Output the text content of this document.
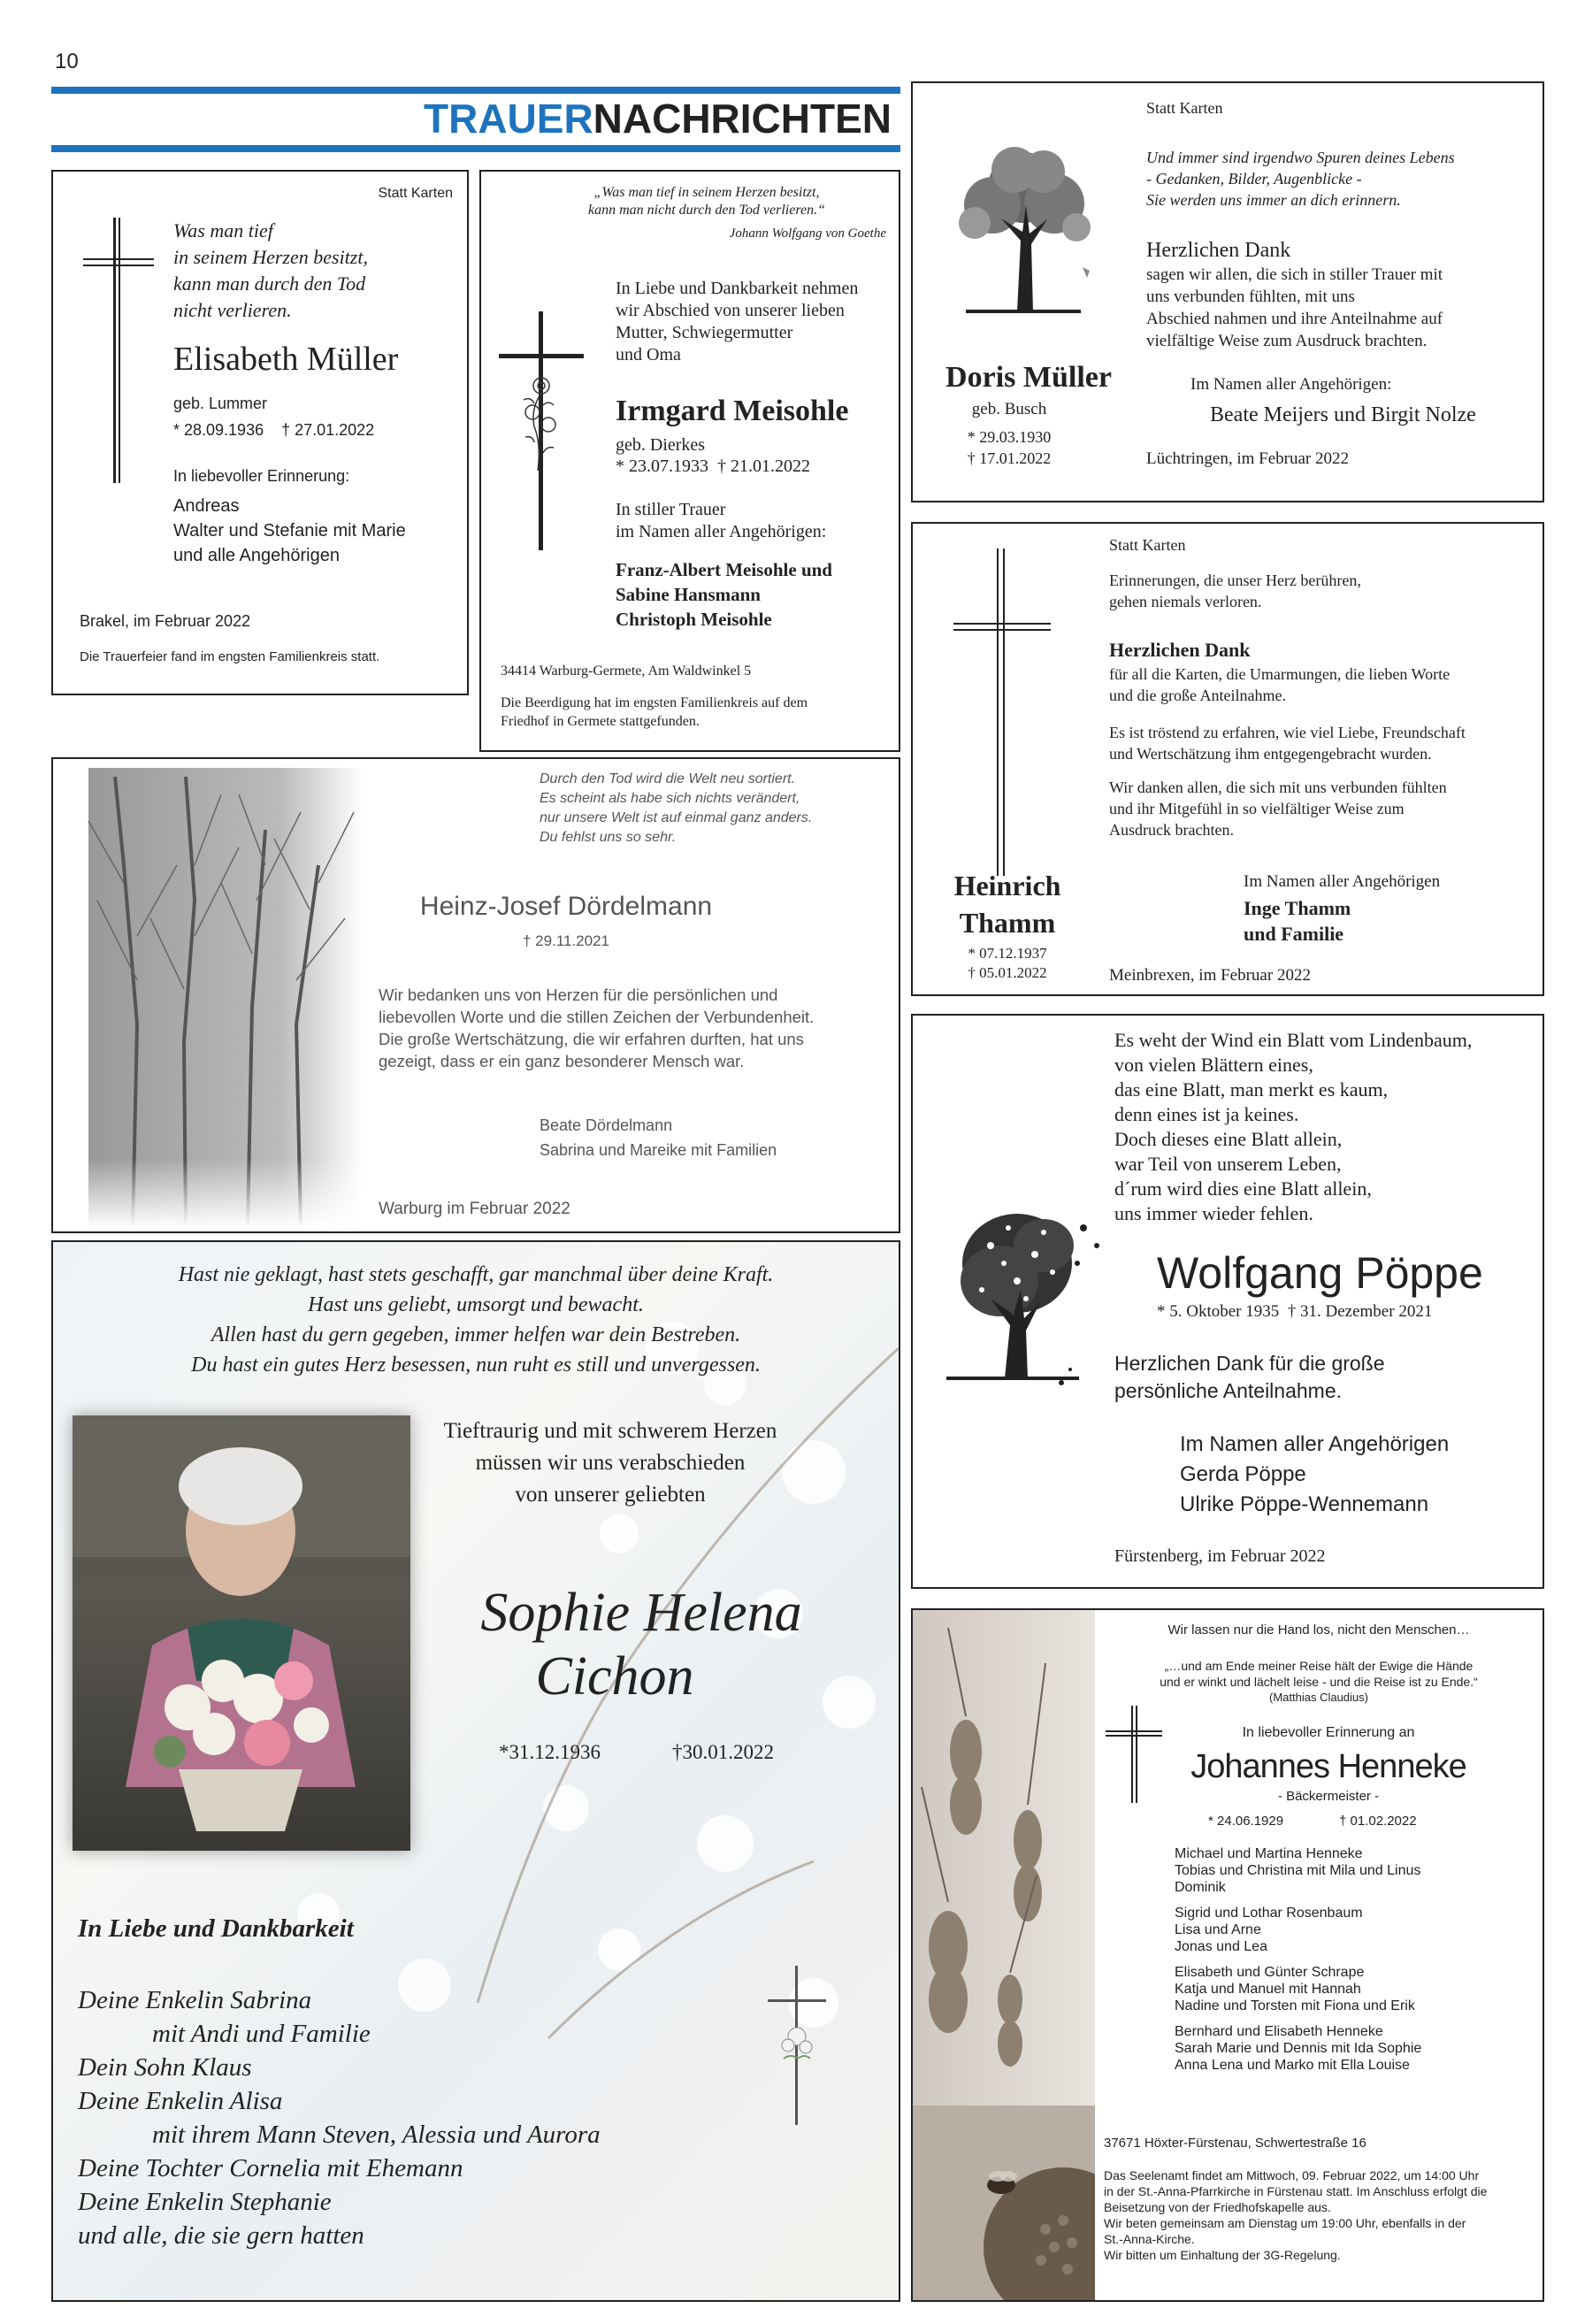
10
TRAUERNACHRICHTEN
Statt Karten
Was man tief
in seinem Herzen besitzt,
kann man durch den Tod
nicht verlieren.
Elisabeth Müller
geb. Lummer
* 28.09.1936    † 27.01.2022
In liebevoller Erinnerung:
Andreas
Walter und Stefanie mit Marie
und alle Angehörigen
Brakel, im Februar 2022
Die Trauerfeier fand im engsten Familienkreis statt.
„Was man tief in seinem Herzen besitzt,
kann man nicht durch den Tod verlieren.“
Johann Wolfgang von Goethe
In Liebe und Dankbarkeit nehmen
wir Abschied von unserer lieben
Mutter, Schwiegermutter
und Oma
Irmgard Meisohle
geb. Dierkes
* 23.07.1933  † 21.01.2022
In stiller Trauer
im Namen aller Angehörigen:
Franz-Albert Meisohle und
Sabine Hansmann
Christoph Meisohle
34414 Warburg-Germete, Am Waldwinkel 5
Die Beerdigung hat im engsten Familienkreis auf dem
Friedhof in Germete stattgefunden.
Statt Karten
Und immer sind irgendwo Spuren deines Lebens
- Gedanken, Bilder, Augenblicke -
Sie werden uns immer an dich erinnern.
Herzlichen Dank
sagen wir allen, die sich in stiller Trauer mit
uns verbunden fühlten, mit uns
Abschied nahmen und ihre Anteilnahme auf
vielfältige Weise zum Ausdruck brachten.
Doris Müller
geb. Busch
* 29.03.1930
† 17.01.2022
Im Namen aller Angehörigen:
Beate Meijers und Birgit Nolze
Lüchtringen, im Februar 2022
Statt Karten
Erinnerungen, die unser Herz berühren,
gehen niemals verloren.
Herzlichen Dank
für all die Karten, die Umarmungen, die lieben Worte
und die große Anteilnahme.
Es ist tröstend zu erfahren, wie viel Liebe, Freundschaft
und Wertschätzung ihm entgegengebracht wurden.
Wir danken allen, die sich mit uns verbunden fühlten
und ihr Mitgefühl in so vielfältiger Weise zum
Ausdruck brachten.
Heinrich
Thamm
* 07.12.1937
† 05.01.2022
Im Namen aller Angehörigen
Inge Thamm
und Familie
Meinbrexen, im Februar 2022
Durch den Tod wird die Welt neu sortiert.
Es scheint als habe sich nichts verändert,
nur unsere Welt ist auf einmal ganz anders.
Du fehlst uns so sehr.
Heinz-Josef Dördelmann
† 29.11.2021
Wir bedanken uns von Herzen für die persönlichen und
liebevollen Worte und die stillen Zeichen der Verbundenheit.
Die große Wertschätzung, die wir erfahren durften, hat uns
gezeigt, dass er ein ganz besonderer Mensch war.
Beate Dördelmann
Sabrina und Mareike mit Familien
Warburg im Februar 2022
Es weht der Wind ein Blatt vom Lindenbaum,
von vielen Blättern eines,
das eine Blatt, man merkt es kaum,
denn eines ist ja keines.
Doch dieses eine Blatt allein,
war Teil von unserem Leben,
d´rum wird dies eine Blatt allein,
uns immer wieder fehlen.
Wolfgang Pöppe
* 5. Oktober 1935  † 31. Dezember 2021
Herzlichen Dank für die große
persönliche Anteilnahme.
Im Namen aller Angehörigen
Gerda Pöppe
Ulrike Pöppe-Wennemann
Fürstenberg, im Februar 2022
Hast nie geklagt, hast stets geschafft, gar manchmal über deine Kraft.
Hast uns geliebt, umsorgt und bewacht.
Allen hast du gern gegeben, immer helfen war dein Bestreben.
Du hast ein gutes Herz besessen, nun ruht es still und unvergessen.
Tieftraurig und mit schwerem Herzen
müssen wir uns verabschieden
von unserer geliebten
Sophie Helena
Cichon
*31.12.1936	†30.01.2022
In Liebe und Dankbarkeit
Deine Enkelin Sabrina
mit Andi und Familie
Dein Sohn Klaus
Deine Enkelin Alisa
mit ihrem Mann Steven, Alessia und Aurora
Deine Tochter Cornelia mit Ehemann
Deine Enkelin Stephanie
und alle, die sie gern hatten
Wir lassen nur die Hand los, nicht den Menschen…
„…und am Ende meiner Reise hält der Ewige die Hände
und er winkt und lächelt leise - und die Reise ist zu Ende.“
(Matthias Claudius)
In liebevoller Erinnerung an
Johannes Henneke
- Bäckermeister -
* 24.06.1929	† 01.02.2022
Michael und Martina Henneke
Tobias und Christina mit Mila und Linus
Dominik
Sigrid und Lothar Rosenbaum
Lisa und Arne
Jonas und Lea
Elisabeth und Günter Schrape
Katja und Manuel mit Hannah
Nadine und Torsten mit Fiona und Erik
Bernhard und Elisabeth Henneke
Sarah Marie und Dennis mit Ida Sophie
Anna Lena und Marko mit Ella Louise
37671 Höxter-Fürstenau, Schwertestraße 16
Das Seelenamt findet am Mittwoch, 09. Februar 2022, um 14:00 Uhr
in der St.-Anna-Pfarrkirche in Fürstenau statt. Im Anschluss erfolgt die
Beisetzung von der Friedhofskapelle aus.
Wir beten gemeinsam am Dienstag um 19:00 Uhr, ebenfalls in der
St.-Anna-Kirche.
Wir bitten um Einhaltung der 3G-Regelung.
